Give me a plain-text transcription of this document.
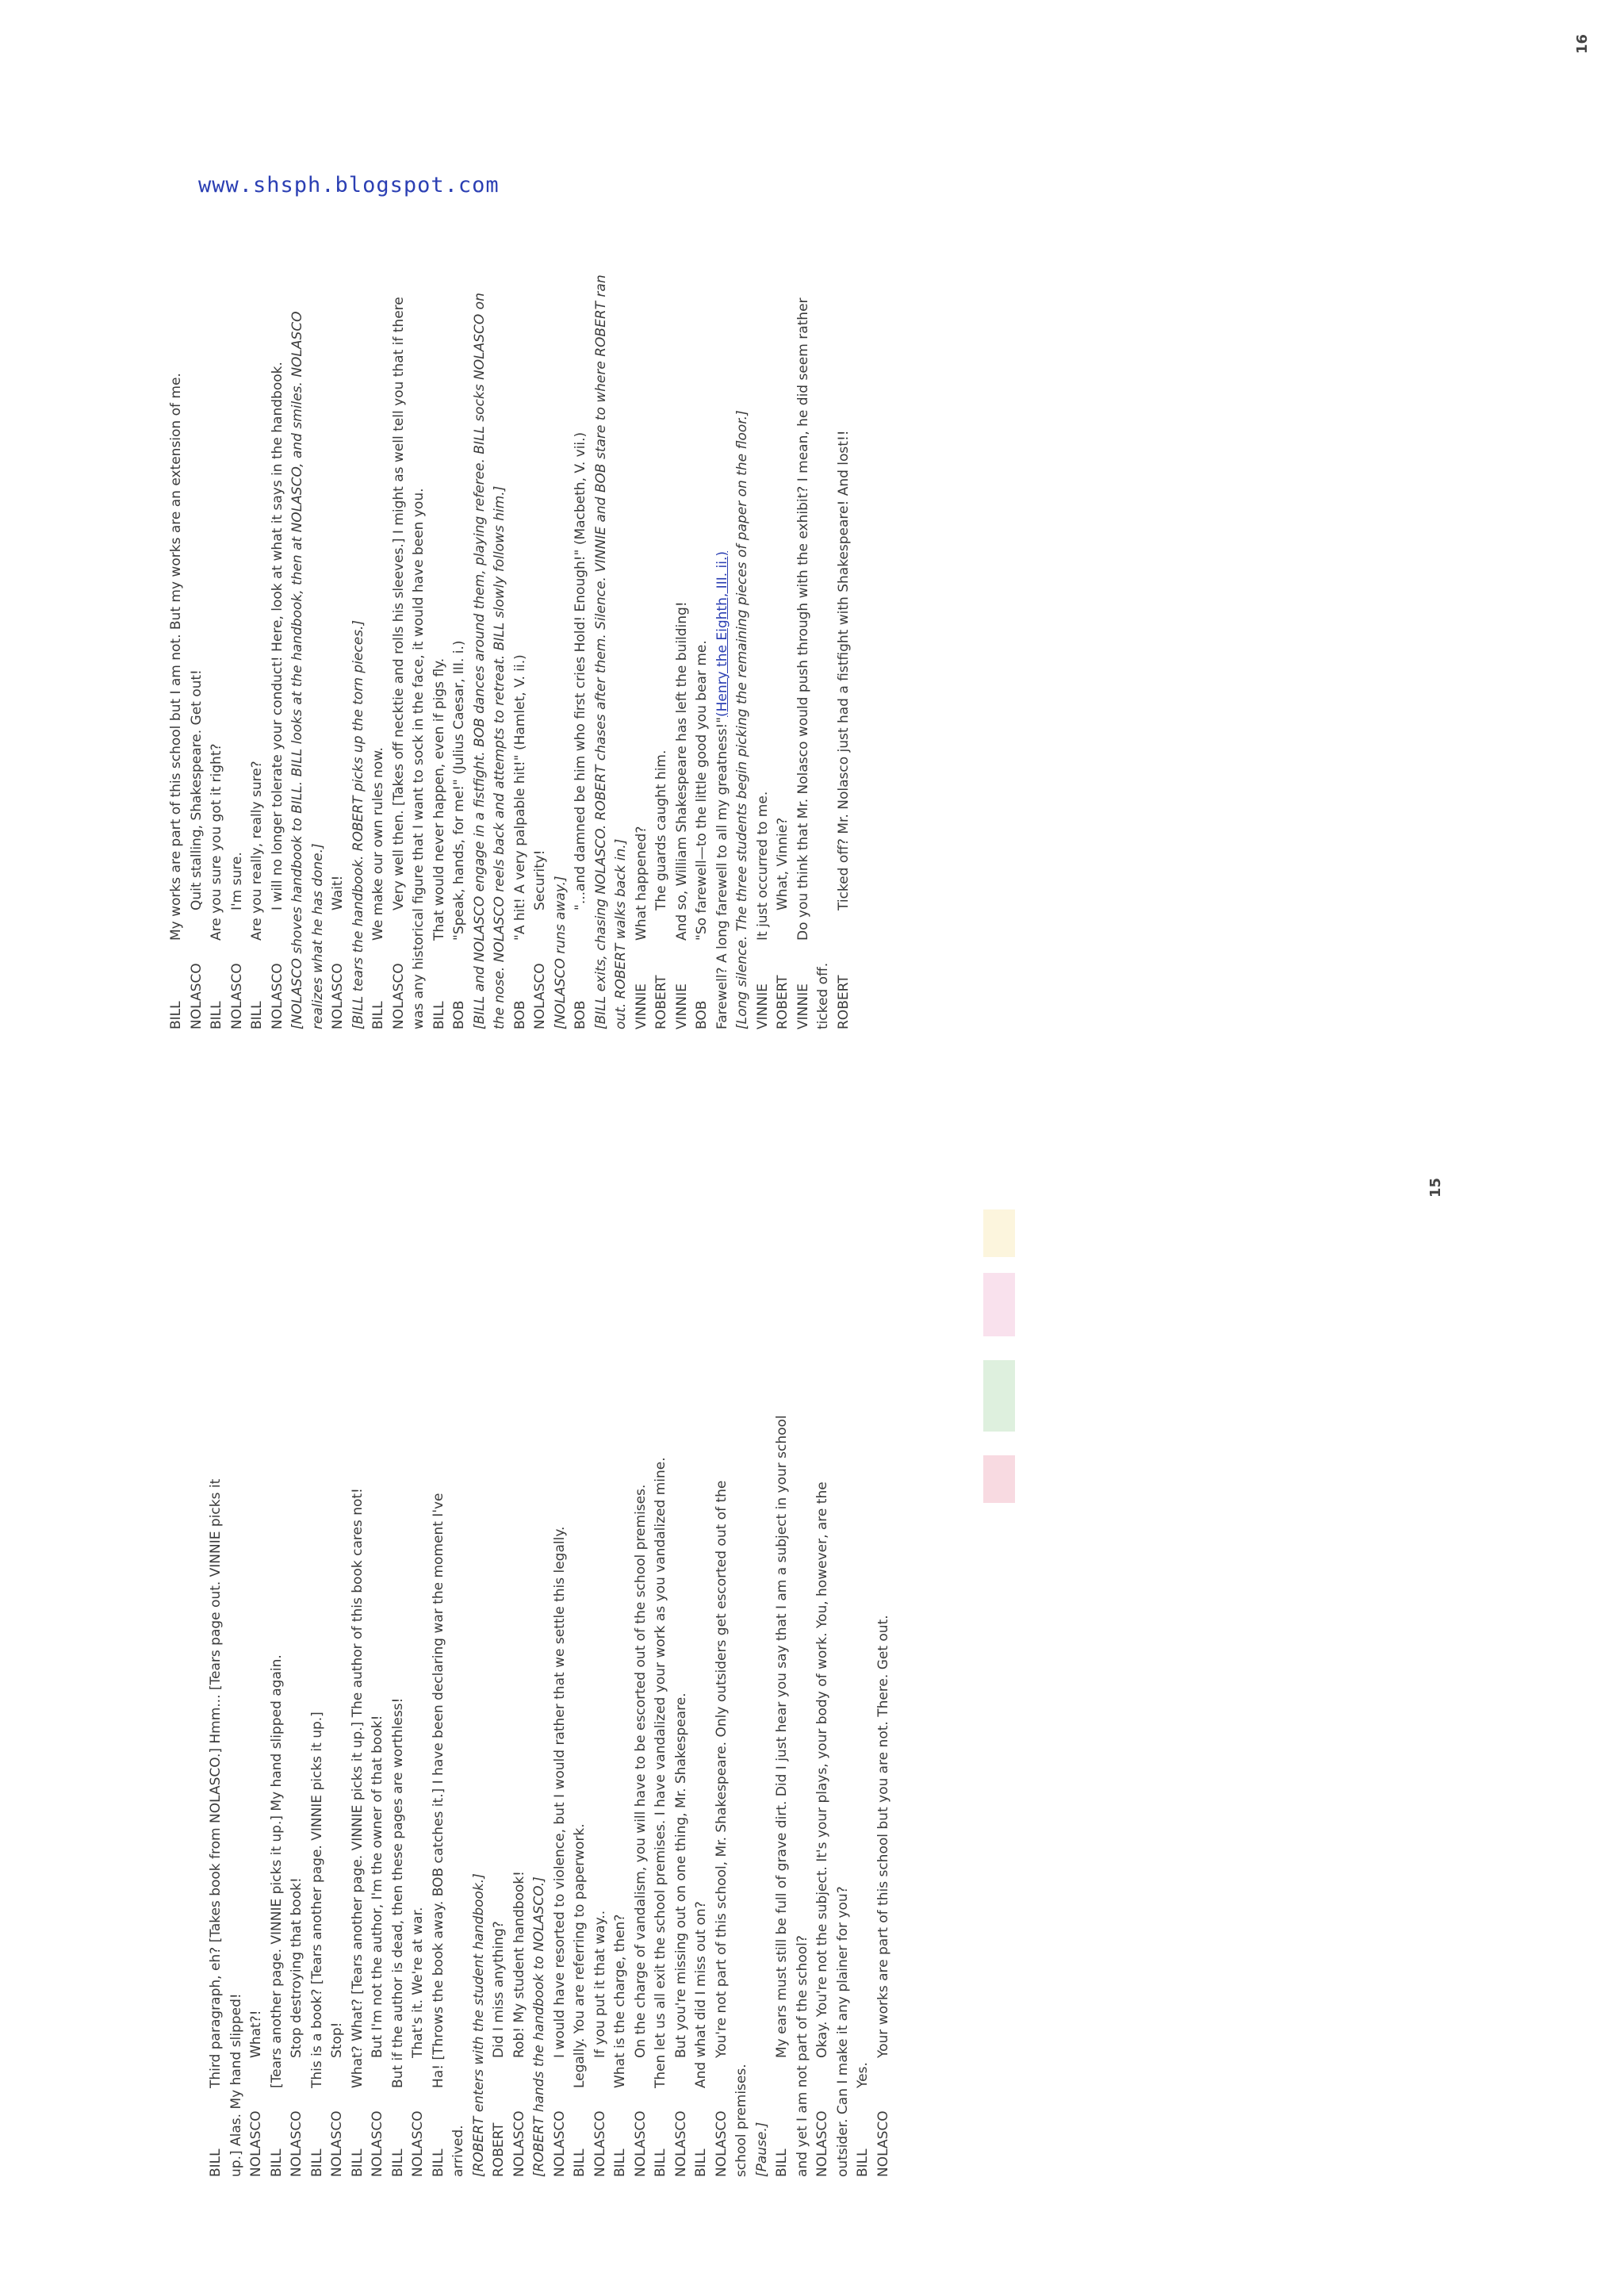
BILL
Third paragraph, eh? [Takes book from NOLASCO.] Hmm... [Tears page out. VINNIE picks it up.] Alas. My hand slipped! NOLASCO
What?!
BILL
[Tears another page. VINNIE picks it up.] My hand slipped again.
NOLASCO
Stop destroying that book!
BILL
This is a book? [Tears another page. VINNIE picks it up.]
NOLASCO
Stop!
BILL
What? What? [Tears another page. VINNIE picks it up.] The author of this book cares not!
NOLASCO
But I'm not the author, I'm the owner of that book!
BILL
But if the author is dead, then these pages are worthless!
NOLASCO
That's it. We're at war.
BILL
Ha! [Throws the book away. BOB catches it.] I have been declaring war the moment I've
arrived. [ROBERT enters with the student handbook.] ROBERT
Did I miss anything?
NOLASCO
Rob! My student handbook! [ROBERT hands the handbook to NOLASCO.] NOLASCO
I would have resorted to violence, but I would rather that we settle this legally.
BILL
Legally. You are referring to paperwork.
NOLASCO
If you put it that way..
BILL
What is the charge, then?
NOLASCO
On the charge of vandalism, you will have to be escorted out of the school premises.
BILL
Then let us all exit the school premises. I have vandalized your work as you vandalized mine.
NOLASCO
But you're missing out on one thing, Mr. Shakespeare.
BILL
And what did I miss out on?
NOLASCO
You're not part of this school, Mr. Shakespeare. Only outsiders get escorted out of the
school premises. [Pause.] BILL
My ears must still be full of grave dirt. Did I just hear you say that I am a subject in your school and yet I am not part of the school? NOLASCO
Okay. You're not the subject. It's your plays, your body of work. You, however, are the outsider. Can I make it any plainer for you? BILL
Yes.
NOLASCO
Your works are part of this school but you are not. There. Get out.
15
BILL
My works are part of this school but I am not. But my works are an extension of me.
NOLASCO
Quit stalling, Shakespeare. Get out!
BILL
Are you sure you got it right?
NOLASCO
I'm sure.
BILL
Are you really, really sure?
NOLASCO
I will no longer tolerate your conduct! Here, look at what it says in the handbook. [NOLASCO shoves handbook to BILL. BILL looks at the handbook, then at NOLASCO, and smiles. NOLASCO realizes what he has done.] NOLASCO
Wait! [BILL tears the handbook. ROBERT picks up the torn pieces.] BILL
We make our own rules now.
NOLASCO
Very well then. [Takes off necktie and rolls his sleeves.] I might as well tell you that if there was any historical figure that I want to sock in the face, it would have been you. BILL
That would never happen, even if pigs fly.
BOB
"Speak, hands, for me!" (Julius Caesar, III. i.) [BILL and NOLASCO engage in a fistfight. BOB dances around them, playing referee. BILL socks NOLASCO on the nose. NOLASCO reels back and attempts to retreat. BILL slowly follows him.] BOB
"A hit! A very palpable hit!" (Hamlet, V. ii.)
NOLASCO
Security! [NOLASCO runs away.] BOB
"...and damned be him who first cries Hold! Enough!" (Macbeth, V. vii.) [BILL exits, chasing NOLASCO. ROBERT chases after them. Silence. VINNIE and BOB stare to where ROBERT ran out. ROBERT walks back in.] VINNIE
What happened?
ROBERT
The guards caught him.
VINNIE
And so, William Shakespeare has left the building!
BOB
"So farewell—to the little good you bear me. Farewell? A long farewell to all my greatness!"
(Henry the Eighth, III. ii.) [Long silence. The three students begin picking the remaining pieces of paper on the floor.] VINNIE
It just occurred to me.
ROBERT
What, Vinnie?
VINNIE
Do you think that Mr. Nolasco would push through with the exhibit? I mean, he did seem rather
ticked off. ROBERT
Ticked off? Mr. Nolasco just had a fistfight with Shakespeare! And lost!!
16
www.shsph.blogspot.com
